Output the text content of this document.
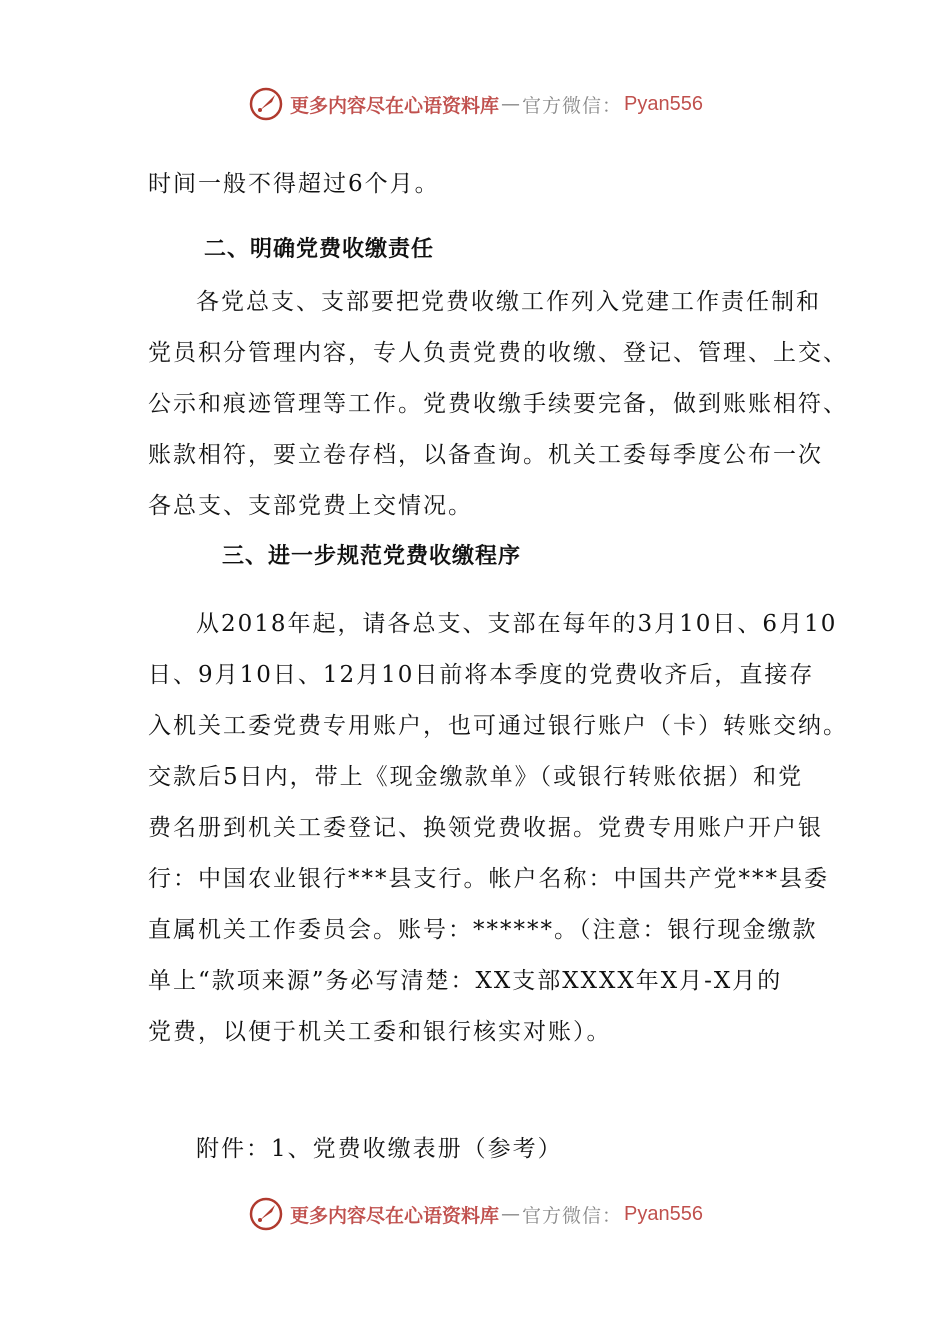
更多内容尽在心语资料库 — 官方微信： Pyan556
时间一般不得超过6个月。
二、明确党费收缴责任
各党总支、支部要把党费收缴工作列入党建工作责任制和
党员积分管理内容，专人负责党费的收缴、登记、管理、上交、
公示和痕迹管理等工作。党费收缴手续要完备，做到账账相符、
账款相符，要立卷存档，以备查询。机关工委每季度公布一次
各总支、支部党费上交情况。
三、进一步规范党费收缴程序
从2018年起，请各总支、支部在每年的3月10日、6月10
日、9月10日、12月10日前将本季度的党费收齐后，直接存
入机关工委党费专用账户，也可通过银行账户（卡）转账交纳。
交款后5日内，带上《现金缴款单》（或银行转账依据）和党
费名册到机关工委登记、换领党费收据。党费专用账户开户银
行：中国农业银行***县支行。帐户名称：中国共产党***县委
直属机关工作委员会。账号：******。（注意：银行现金缴款
单上“款项来源”务必写清楚：XX支部XXXX年X月-X月的
党费，以便于机关工委和银行核实对账）。
附件：1、党费收缴表册（参考）
更多内容尽在心语资料库 — 官方微信： Pyan556
